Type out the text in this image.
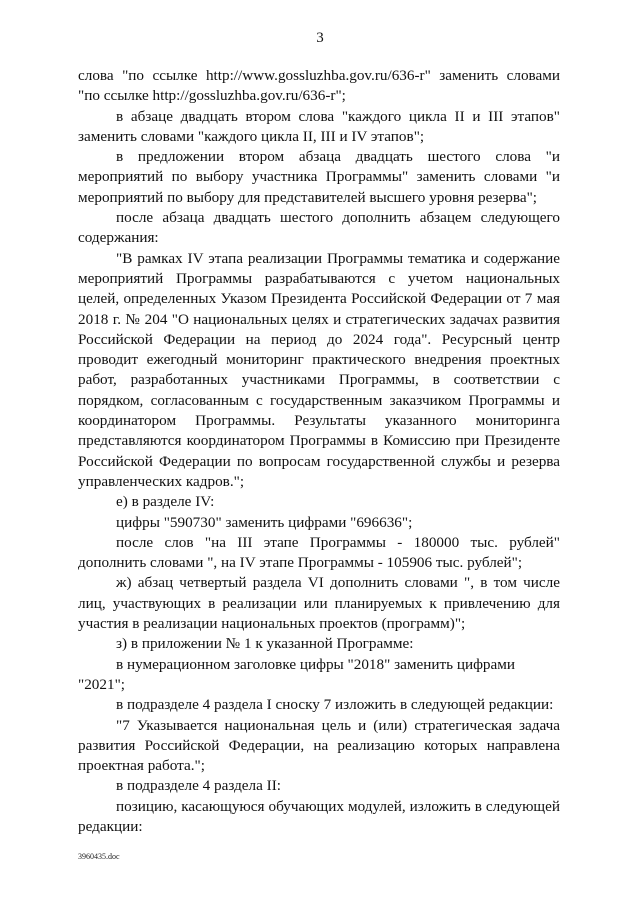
3

слова "по ссылке http://www.gossluzhba.gov.ru/636-r" заменить словами "по ссылке http://gossluzhba.gov.ru/636-r";

в абзаце двадцать втором слова "каждого цикла II и III этапов" заменить словами "каждого цикла II, III и IV этапов";

в предложении втором абзаца двадцать шестого слова "и мероприятий по выбору участника Программы" заменить словами "и мероприятий по выбору для представителей высшего уровня резерва";

после абзаца двадцать шестого дополнить абзацем следующего содержания:

"В рамках IV этапа реализации Программы тематика и содержание мероприятий Программы разрабатываются с учетом национальных целей, определенных Указом Президента Российской Федерации от 7 мая 2018 г. № 204 "О национальных целях и стратегических задачах развития Российской Федерации на период до 2024 года". Ресурсный центр проводит ежегодный мониторинг практического внедрения проектных работ, разработанных участниками Программы, в соответствии с порядком, согласованным с государственным заказчиком Программы и координатором Программы. Результаты указанного мониторинга представляются координатором Программы в Комиссию при Президенте Российской Федерации по вопросам государственной службы и резерва управленческих кадров.";

е) в разделе IV:

цифры "590730" заменить цифрами "696636";

после слов "на III этапе Программы - 180000 тыс. рублей" дополнить словами ", на IV этапе Программы - 105906 тыс. рублей";

ж) абзац четвертый раздела VI дополнить словами ", в том числе лиц, участвующих в реализации или планируемых к привлечению для участия в реализации национальных проектов (программ)";

з) в приложении № 1 к указанной Программе:

в нумерационном заголовке цифры "2018" заменить цифрами "2021";

в подразделе 4 раздела I сноску 7 изложить в следующей редакции:

"7 Указывается национальная цель и (или) стратегическая задача развития Российской Федерации, на реализацию которых направлена проектная работа.";

в подразделе 4 раздела II:

позицию, касающуюся обучающих модулей, изложить в следующей редакции:

3960435.doc
